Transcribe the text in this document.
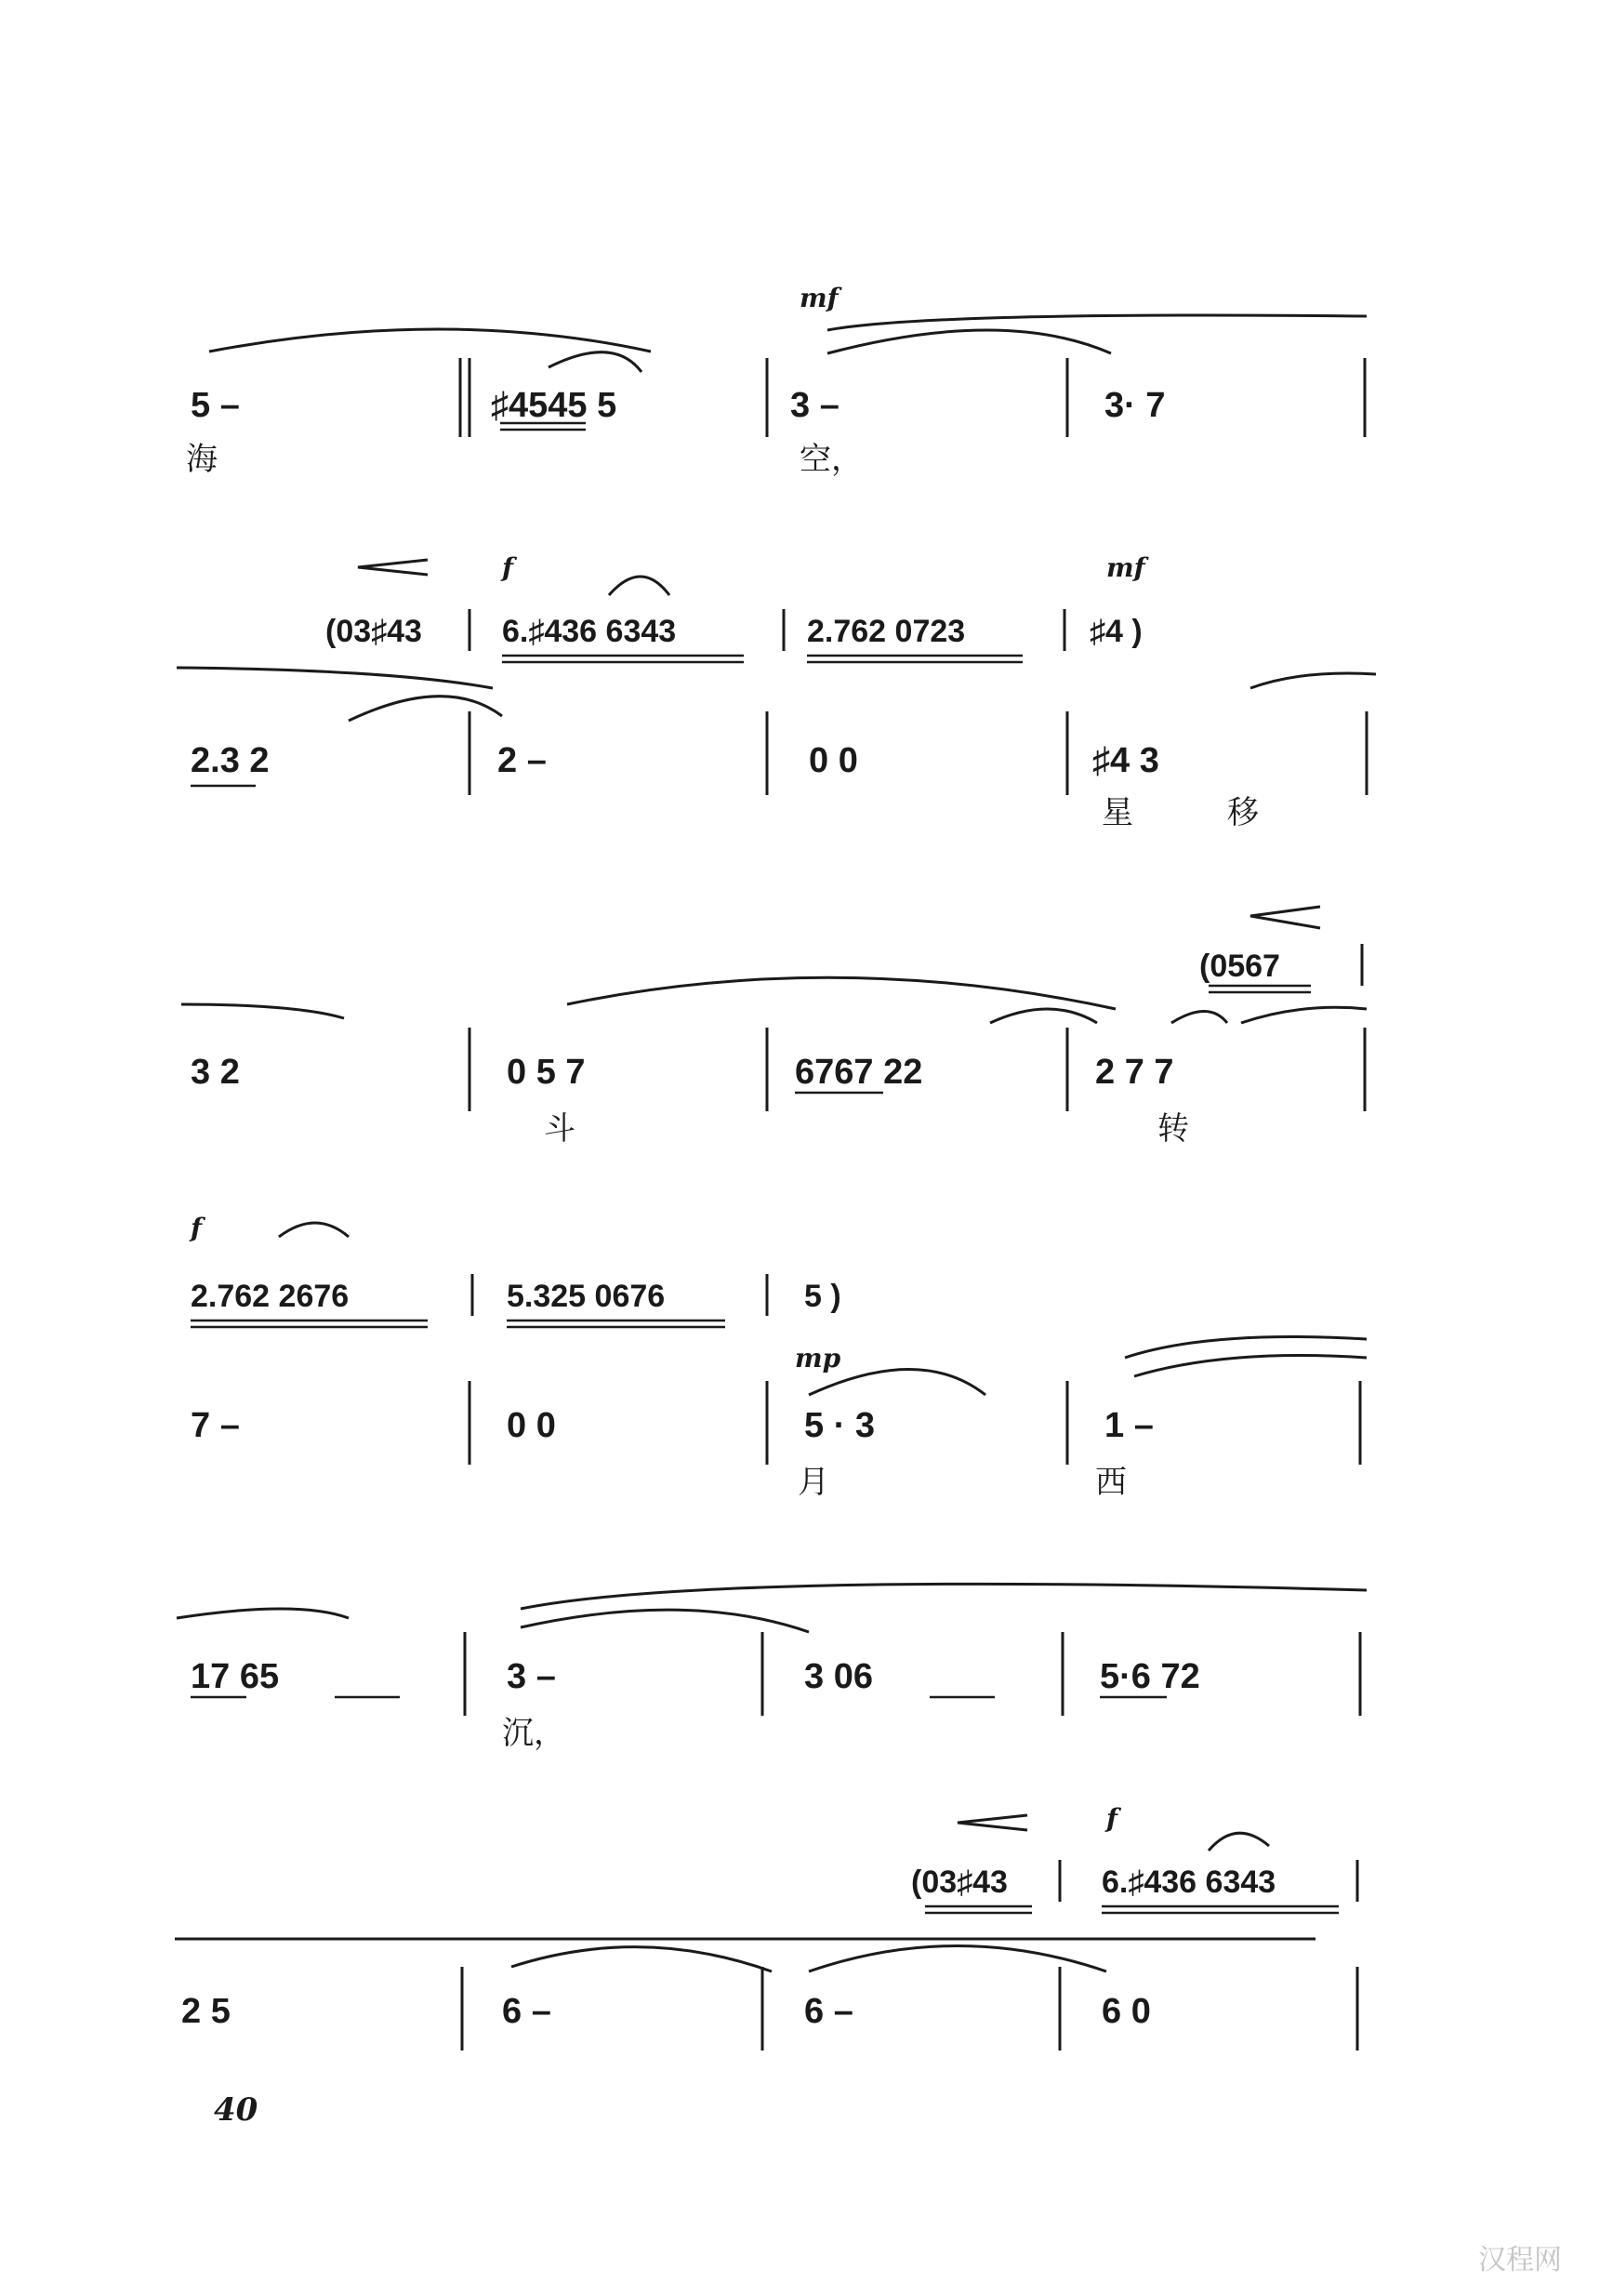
mf
5 –	♯4545 5	3 –	3· 7
海	空，
f	mf
(03♯43	6.♯436 6343	2.762 0723	♯4 )
2.3 2	2 –	0 0	♯4 3
星	移
(0567
3 2	0 5 7	6767 22	2 7 7
斗	转
f
2.762 2676	5.325 0676	5 )
mp
7 –	0 0	5 · 3	1 –
月	西
17 65	3 –	3 06	5·6 72
沉，
f
(03♯43	6.♯436 6343
2 5	6 –	6 –	6 0
40
汉程网
